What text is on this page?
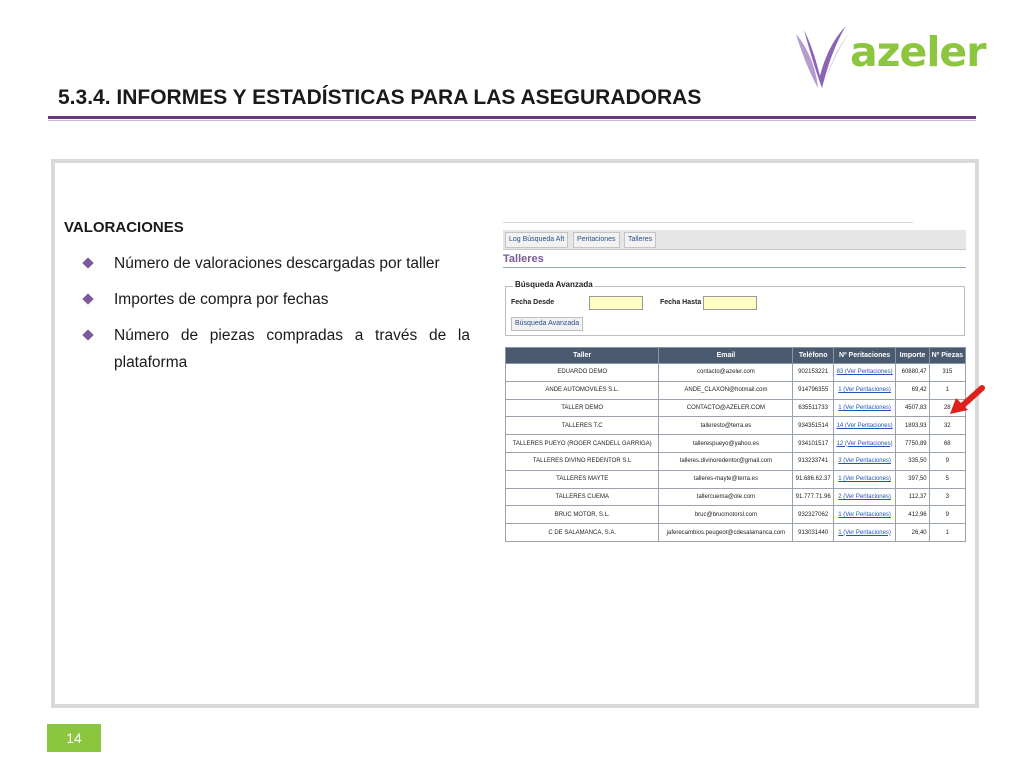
azeler
5.3.4. INFORMES Y ESTADÍSTICAS PARA LAS ASEGURADORAS
VALORACIONES
Número de valoraciones descargadas por taller
Importes de compra por fechas
Número de piezas compradas a través de la plataforma
Log Búsqueda Aft	Peritaciones	Talleres
Talleres
Búsqueda Avanzada
Fecha Desde	Fecha Hasta
Búsqueda Avanzada
Taller	Email	Teléfono	Nº Peritaciones	Importe	Nº Piezas
EDUARDO DEMO	contacto@azeler.com	902153221	83 (Ver Peritaciones)	60880,47	315
ANDE AUTOMOVILES S.L.	ANDE_CLAXON@hotmail.com	914796355	1 (Ver Peritaciones)	69,42	1
TALLER DEMO	CONTACTO@AZELER.COM	635511733	1 (Ver Peritaciones)	4507,83	28
TALLERES T.C	talleresto@terra.es	934351514	14 (Ver Peritaciones)	1893,93	32
TALLERES PUEYO (ROGER CANDELL GARRIGA)	tallerespueyo@yahoo.es	934101517	12 (Ver Peritaciones)	7750,89	68
TALLERES DIVINO REDENTOR S.L	talleres.divinoredentor@gmail.com	913233741	3 (Ver Peritaciones)	335,50	9
TALLERES MAYTE	talleres-mayte@terra.es	91.686.62.37	1 (Ver Peritaciones)	397,50	5
TALLERES CUEMA	tallercuema@ole.com	91.777.71.96	2 (Ver Peritaciones)	112,37	3
BRUC MOTOR, S.L.	bruc@brucmotorsl.com	932327062	1 (Ver Peritaciones)	412,96	9
C DE SALAMANCA, S.A.	jaferecambios.peugeot@cdesalamanca.com	913031440	1 (Ver Peritaciones)	26,40	1
14
